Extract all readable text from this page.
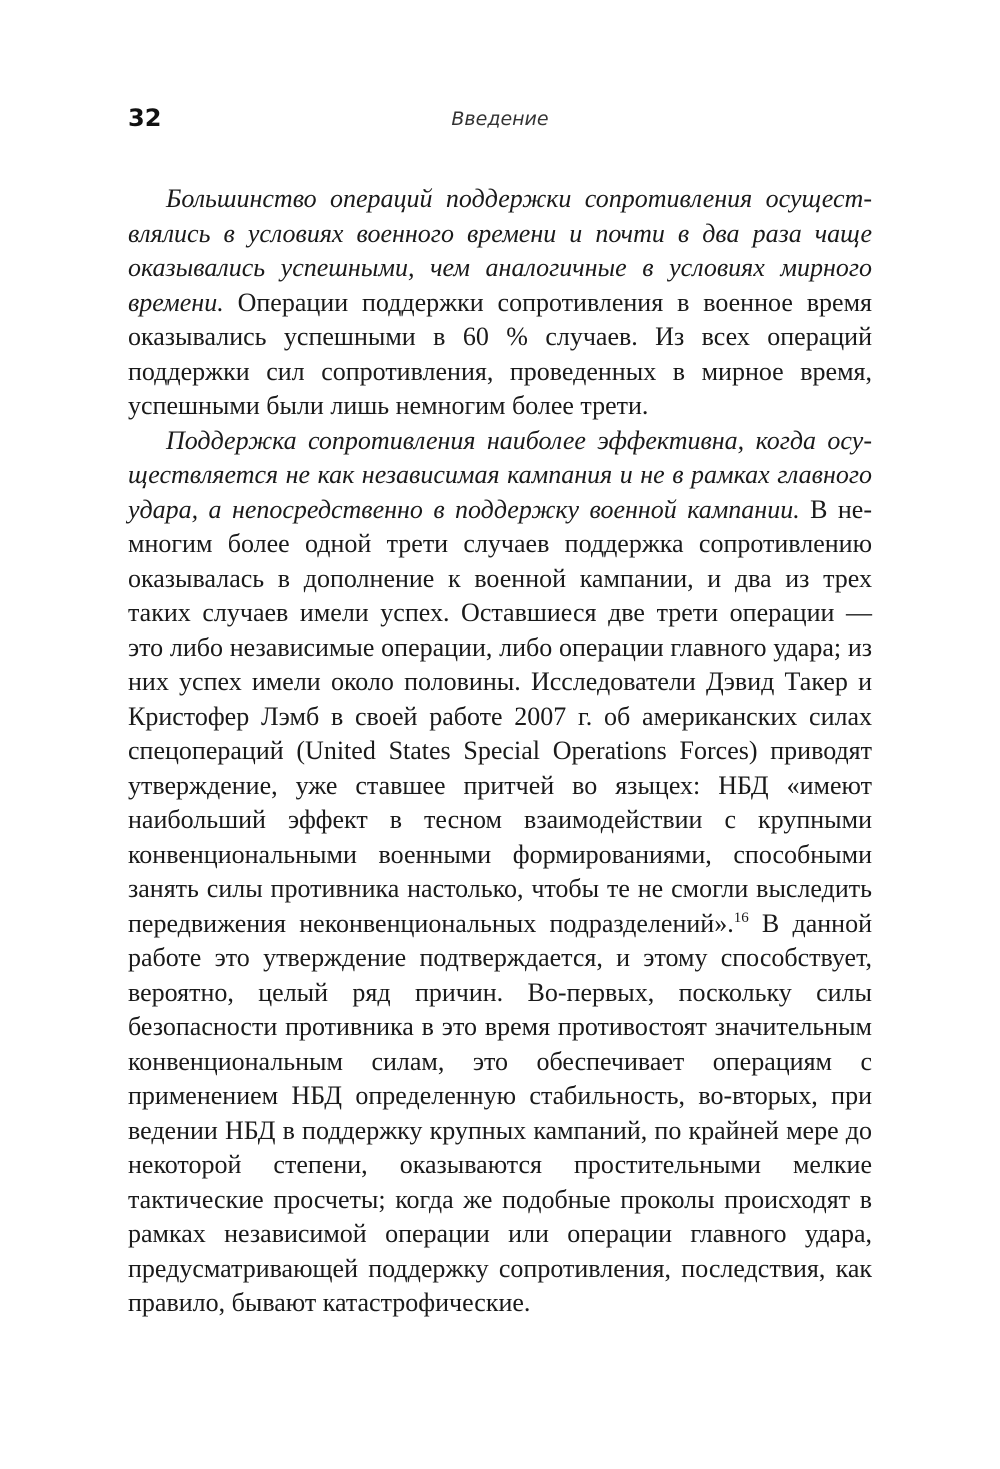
32	Введение

Большинство операций поддержки сопротивления осуществлялись в условиях военного времени и почти в два раза чаще оказывались успешными, чем аналогичные в условиях мирного времени. Операции поддержки сопротивления в военное время оказывались успешными в 60 % случаев. Из всех операций поддержки сил сопротивления, проведенных в мирное время, успешными были лишь немногим более трети.

Поддержка сопротивления наиболее эффективна, когда осуществляется не как независимая кампания и не в рамках главного удара, а непосредственно в поддержку военной кампании. В немногим более одной трети случаев поддержка сопротивлению оказывалась в дополнение к военной кампании, и два из трех таких случаев имели успех. Оставшиеся две трети операции — это либо независимые операции, либо операции главного удара; из них успех имели около половины. Исследователи Дэвид Такер и Кристофер Лэмб в своей работе 2007 г. об американских силах спецопераций (United States Special Operations Forces) приводят утверждение, уже ставшее притчей во языцех: НБД «имеют наибольший эффект в тесном взаимодействии с крупными конвенциональными военными формированиями, способными занять силы противника настолько, чтобы те не смогли выследить передвижения неконвенциональных подразделений».$^{16}$ В данной работе это утверждение подтверждается, и этому способствует, вероятно, целый ряд причин. Во-первых, поскольку силы безопасности противника в это время противостоят значительным конвенциональным силам, это обеспечивает операциям с применением НБД определенную стабильность, во-вторых, при ведении НБД в поддержку крупных кампаний, по крайней мере до некоторой степени, оказываются простительными мелкие тактические просчеты; когда же подобные проколы происходят в рамках независимой операции или операции главного удара, предусматривающей поддержку сопротивления, последствия, как правило, бывают катастрофические.
